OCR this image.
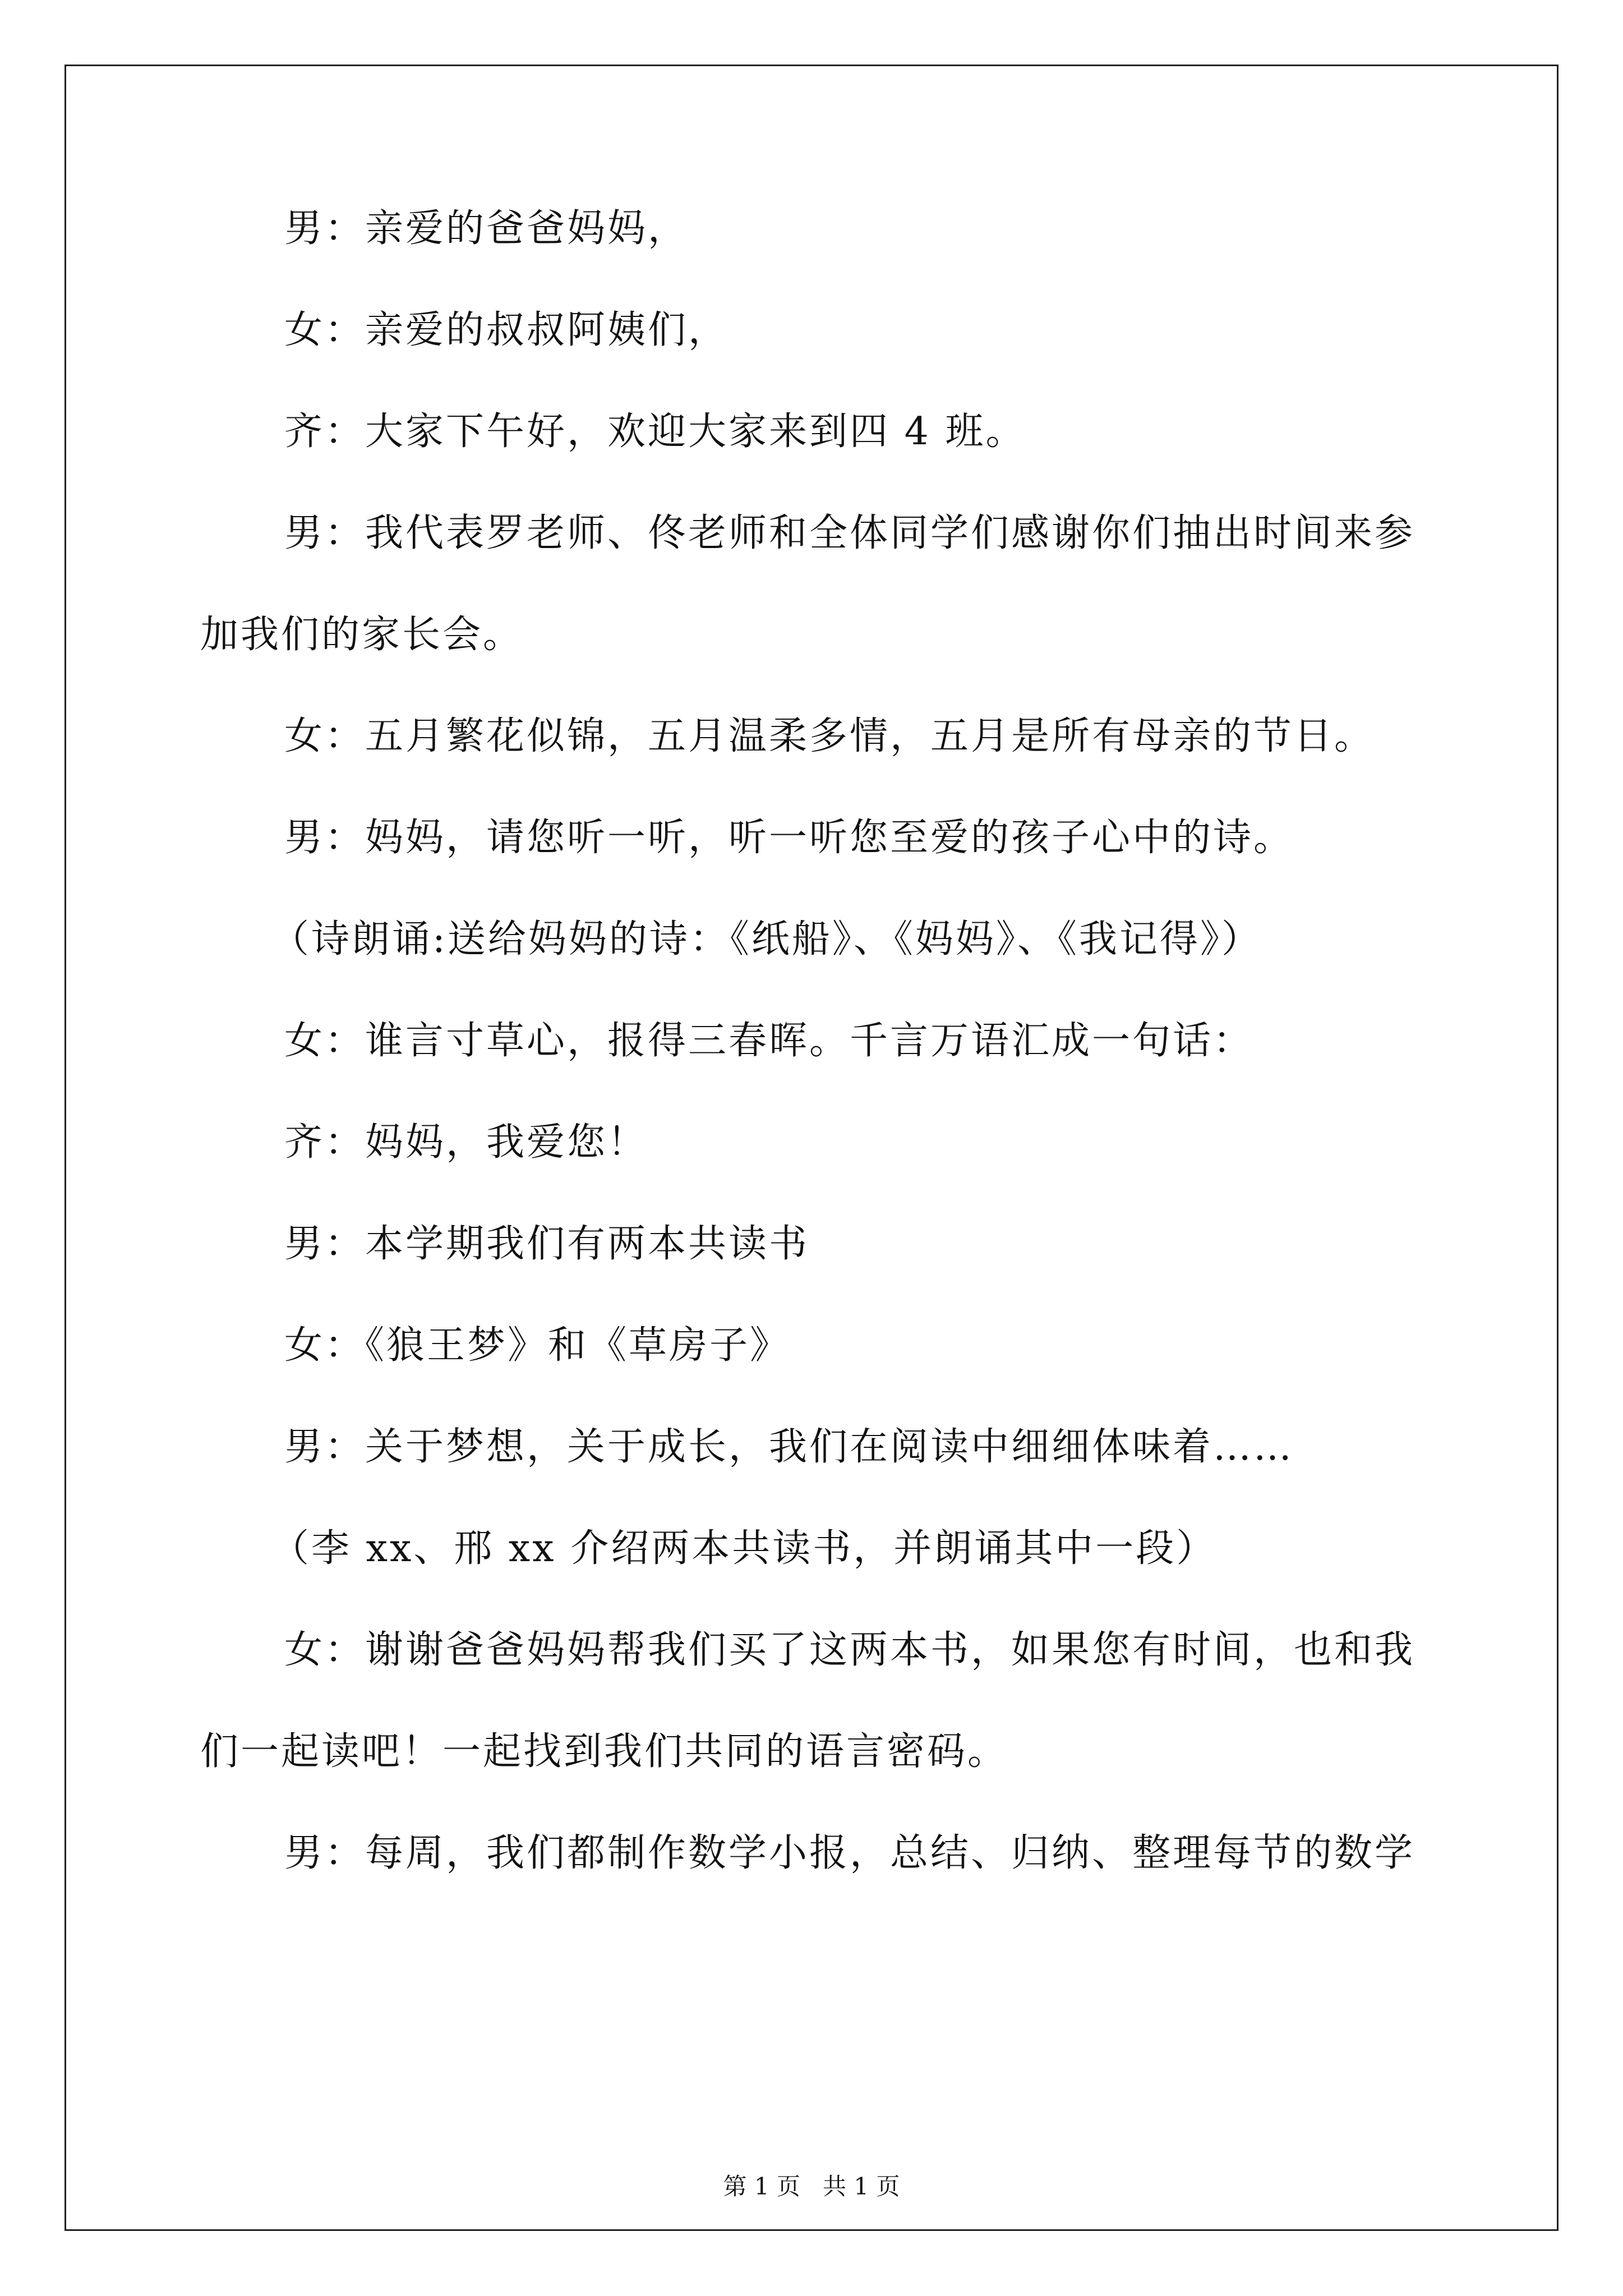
男：亲爱的爸爸妈妈，
女：亲爱的叔叔阿姨们，
齐：大家下午好，欢迎大家来到四 4 班。
男：我代表罗老师、佟老师和全体同学们感谢你们抽出时间来参
加我们的家长会。
女：五月繁花似锦，五月温柔多情，五月是所有母亲的节日。
男：妈妈，请您听一听，听一听您至爱的孩子心中的诗。
（诗朗诵:送给妈妈的诗：《纸船》、《妈妈》、《我记得》）
女：谁言寸草心，报得三春晖。千言万语汇成一句话：
齐：妈妈，我爱您！
男：本学期我们有两本共读书
女：《狼王梦》和《草房子》
男：关于梦想，关于成长，我们在阅读中细细体味着……
（李 xx、邢 xx 介绍两本共读书，并朗诵其中一段）
女：谢谢爸爸妈妈帮我们买了这两本书，如果您有时间，也和我
们一起读吧！一起找到我们共同的语言密码。
男：每周，我们都制作数学小报，总结、归纳、整理每节的数学
第 1 页   共 1 页
